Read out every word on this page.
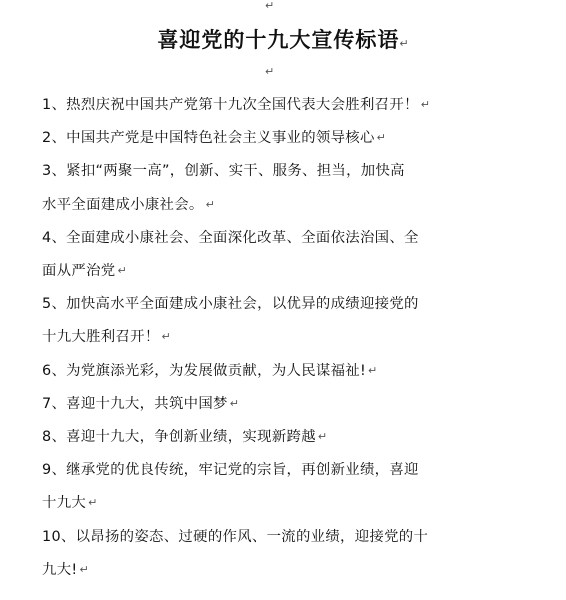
↵
喜迎党的十九大宣传标语↵
↵
1、热烈庆祝中国共产党第十九次全国代表大会胜利召开！ ↵
2、中国共产党是中国特色社会主义事业的领导核心 ↵
3、紧扣“两聚一高”，创新、实干、服务、担当，加快高
水平全面建成小康社会。 ↵
4、全面建成小康社会、全面深化改革、全面依法治国、全
面从严治党 ↵
5、加快高水平全面建成小康社会，以优异的成绩迎接党的
十九大胜利召开！ ↵
6、为党旗添光彩，为发展做贡献，为人民谋福祉! ↵
7、喜迎十九大，共筑中国梦 ↵
8、喜迎十九大，争创新业绩，实现新跨越 ↵
9、继承党的优良传统，牢记党的宗旨，再创新业绩，喜迎
十九大 ↵
10、以昂扬的姿态、过硬的作风、一流的业绩，迎接党的十
九大! ↵
